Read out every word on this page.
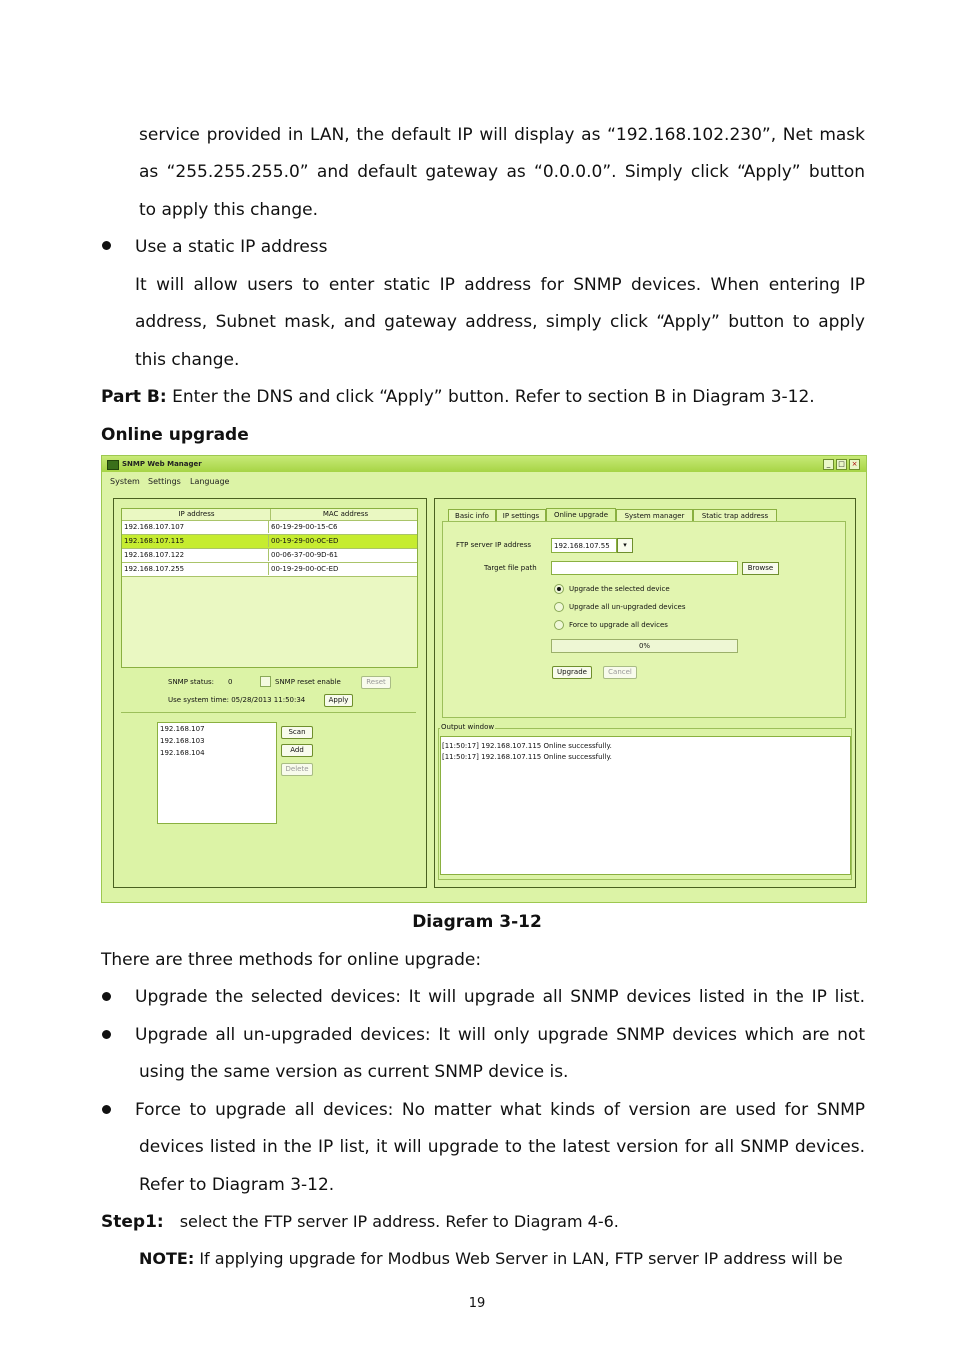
service provided in LAN, the default IP will display as “192.168.102.230”, Net mask
as “255.255.255.0” and default gateway as “0.0.0.0”. Simply click “Apply” button
to apply this change.
Use a static IP address
It will allow users to enter static IP address for SNMP devices. When entering IP
address, Subnet mask, and gateway address, simply click “Apply” button to apply
this change.
Part B: Enter the DNS and click “Apply” button. Refer to section B in Diagram 3-12.
Online upgrade
SNMP Web Manager	_	□ ×
System Settings Language
IP address	MAC address
192.168.107.107	60-19-29-00-15-C6
192.168.107.115	00-19-29-00-0C-ED
192.168.107.122	00-06-37-00-9D-61
192.168.107.255	00-19-29-00-0C-ED
SNMP status: 0	SNMP reset enable	Reset
Use system time: 05/28/2013 11:50:34	Apply
192.168.107
192.168.103
192.168.104
Scan
Add
Delete
Basic info	IP settings	Online upgrade	System manager	Static trap address
FTP server IP address	192.168.107.55	▾
Target file path	Browse
Upgrade the selected device
Upgrade all un-upgraded devices
Force to upgrade all devices
0%
Upgrade	Cancel
Output window
[11:50:17] 192.168.107.115 Online successfully.
[11:50:17] 192.168.107.115 Online successfully.
Diagram 3-12
There are three methods for online upgrade:
Upgrade the selected devices: It will upgrade all SNMP devices listed in the IP list.
Upgrade all un-upgraded devices: It will only upgrade SNMP devices which are not
using the same version as current SNMP device is.
Force to upgrade all devices: No matter what kinds of version are used for SNMP
devices listed in the IP list, it will upgrade to the latest version for all SNMP devices.
Refer to Diagram 3-12.
Step1: select the FTP server IP address. Refer to Diagram 4-6.
NOTE: If applying upgrade for Modbus Web Server in LAN, FTP server IP address will be
19
